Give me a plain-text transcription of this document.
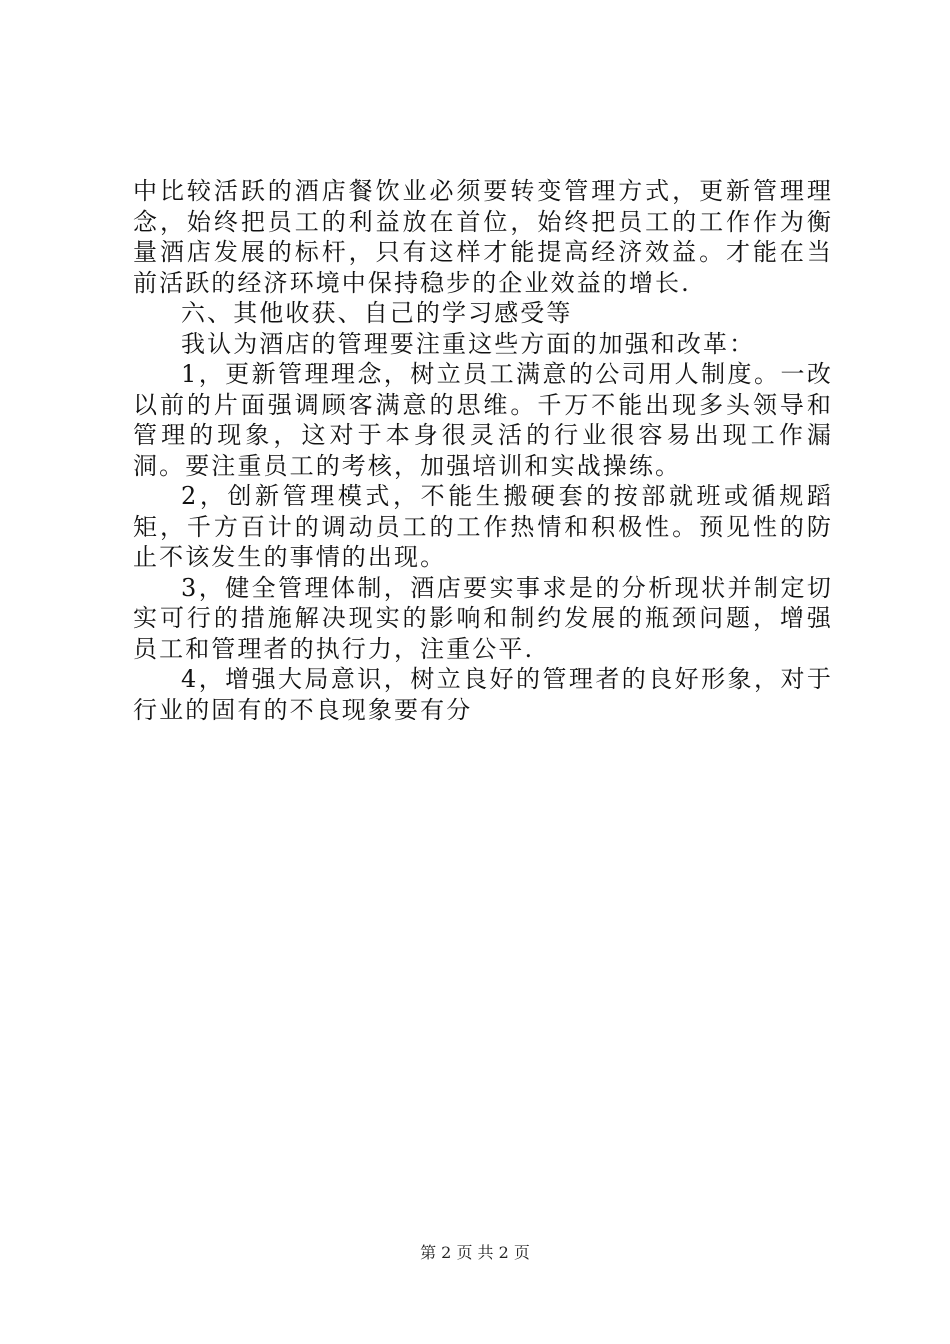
中比较活跃的酒店餐饮业必须要转变管理方式，更新管理理念，始终把员工的利益放在首位，始终把员工的工作作为衡量酒店发展的标杆，只有这样才能提高经济效益。才能在当前活跃的经济环境中保持稳步的企业效益的增长.

六、其他收获、自己的学习感受等

我认为酒店的管理要注重这些方面的加强和改革：

1，更新管理理念，树立员工满意的公司用人制度。一改以前的片面强调顾客满意的思维。千万不能出现多头领导和管理的现象，这对于本身很灵活的行业很容易出现工作漏洞。要注重员工的考核，加强培训和实战操练。

2，创新管理模式，不能生搬硬套的按部就班或循规蹈矩，千方百计的调动员工的工作热情和积极性。预见性的防止不该发生的事情的出现。

3，健全管理体制，酒店要实事求是的分析现状并制定切实可行的措施解决现实的影响和制约发展的瓶颈问题，增强员工和管理者的执行力，注重公平.

4，增强大局意识，树立良好的管理者的良好形象，对于行业的固有的不良现象要有分

第 2 页 共 2 页
